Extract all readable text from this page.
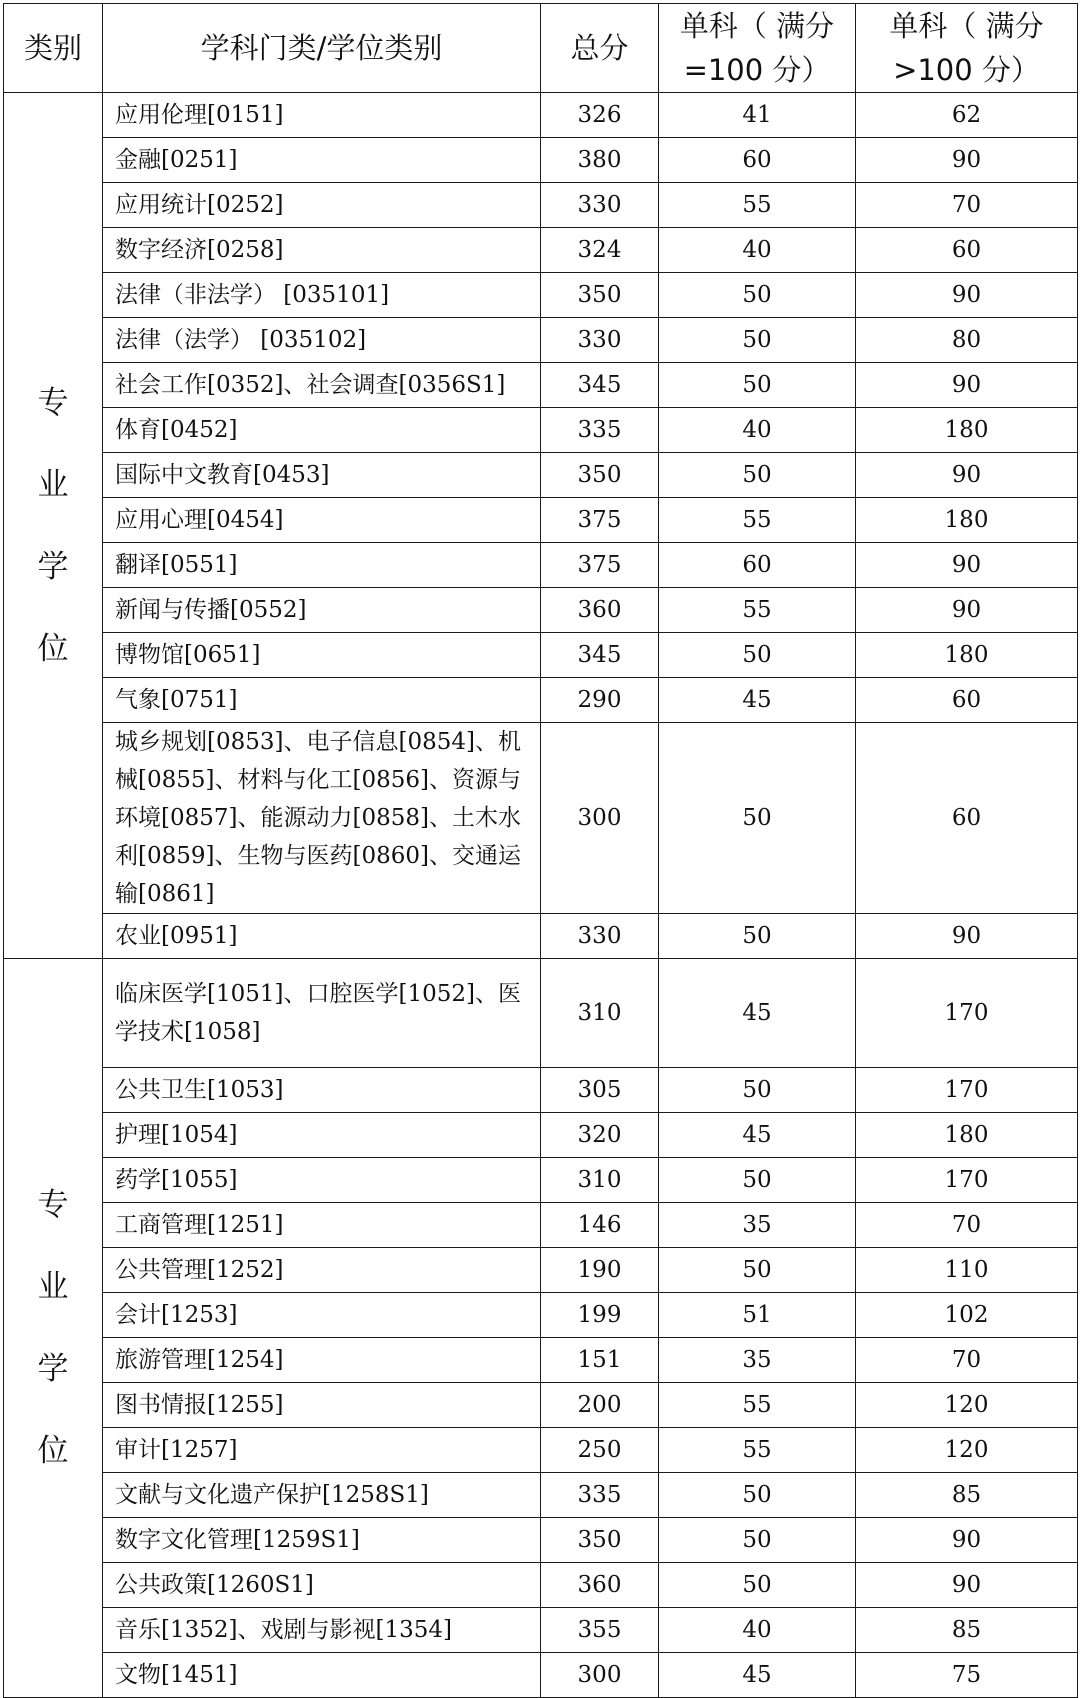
类别	学科门类/学位类别	总分	单科（ 满分=100 分）	单科（ 满分>100 分）
专业学位	应用伦理[0151]	326	41	62
	金融[0251]	380	60	90
	应用统计[0252]	330	55	70
	数字经济[0258]	324	40	60
	法律（非法学） [035101]	350	50	90
	法律（法学） [035102]	330	50	80
	社会工作[0352]、社会调查[0356S1]	345	50	90
	体育[0452]	335	40	180
	国际中文教育[0453]	350	50	90
	应用心理[0454]	375	55	180
	翻译[0551]	375	60	90
	新闻与传播[0552]	360	55	90
	博物馆[0651]	345	50	180
	气象[0751]	290	45	60
	城乡规划[0853]、电子信息[0854]、机械[0855]、材料与化工[0856]、资源与环境[0857]、能源动力[0858]、土木水利[0859]、生物与医药[0860]、交通运输[0861]	300	50	60
	农业[0951]	330	50	90
专业学位	临床医学[1051]、口腔医学[1052]、医学技术[1058]	310	45	170
	公共卫生[1053]	305	50	170
	护理[1054]	320	45	180
	药学[1055]	310	50	170
	工商管理[1251]	146	35	70
	公共管理[1252]	190	50	110
	会计[1253]	199	51	102
	旅游管理[1254]	151	35	70
	图书情报[1255]	200	55	120
	审计[1257]	250	55	120
	文献与文化遗产保护[1258S1]	335	50	85
	数字文化管理[1259S1]	350	50	90
	公共政策[1260S1]	360	50	90
	音乐[1352]、戏剧与影视[1354]	355	40	85
	文物[1451]	300	45	75
